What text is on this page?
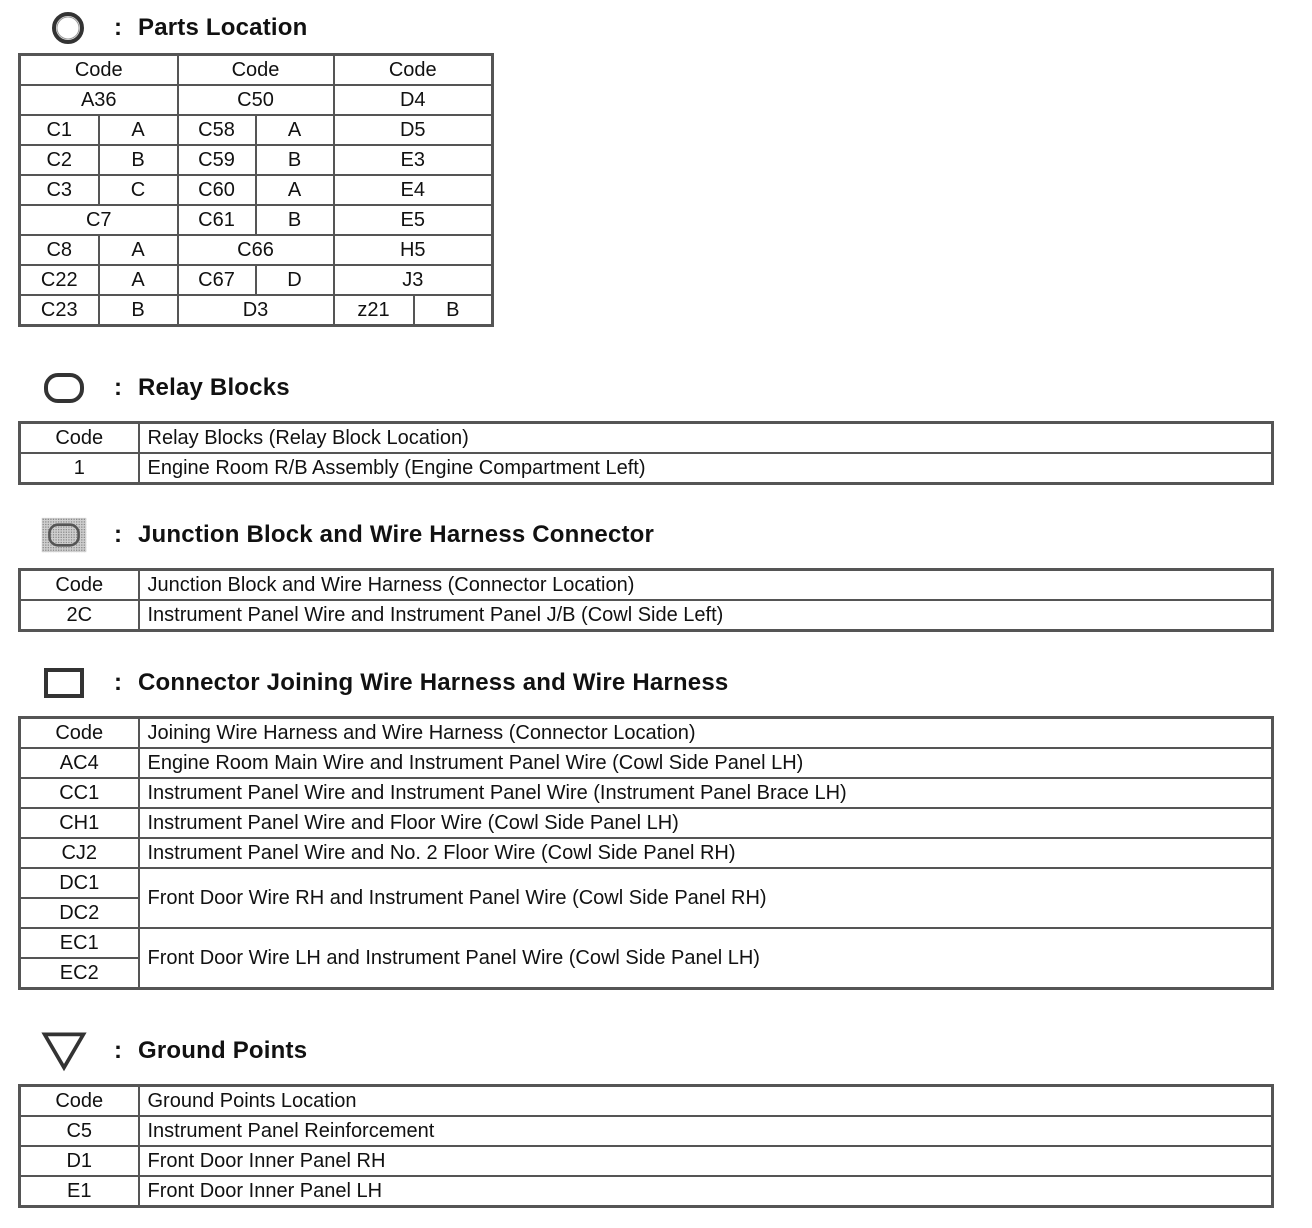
: Parts Location
Code		Code		Code	
A36		C50		D4	
C1	A	C58	A	D5	
C2	B	C59	B	E3	
C3	C	C60	A	E4	
C7		C61	B	E5	
C8	A	C66		H5	
C22	A	C67	D	J3	
C23	B	D3		z21	B
: Relay Blocks
Code	Relay Blocks (Relay Block Location)
1	Engine Room R/B Assembly (Engine Compartment Left)
: Junction Block and Wire Harness Connector
Code	Junction Block and Wire Harness (Connector Location)
2C	Instrument Panel Wire and Instrument Panel J/B (Cowl Side Left)
: Connector Joining Wire Harness and Wire Harness
Code	Joining Wire Harness and Wire Harness (Connector Location)
AC4	Engine Room Main Wire and Instrument Panel Wire (Cowl Side Panel LH)
CC1	Instrument Panel Wire and Instrument Panel Wire (Instrument Panel Brace LH)
CH1	Instrument Panel Wire and Floor Wire (Cowl Side Panel LH)
CJ2	Instrument Panel Wire and No. 2 Floor Wire (Cowl Side Panel RH)
DC1	Front Door Wire RH and Instrument Panel Wire (Cowl Side Panel RH)
DC2	
EC1	Front Door Wire LH and Instrument Panel Wire (Cowl Side Panel LH)
EC2	
: Ground Points
Code	Ground Points Location
C5	Instrument Panel Reinforcement
D1	Front Door Inner Panel RH
E1	Front Door Inner Panel LH
